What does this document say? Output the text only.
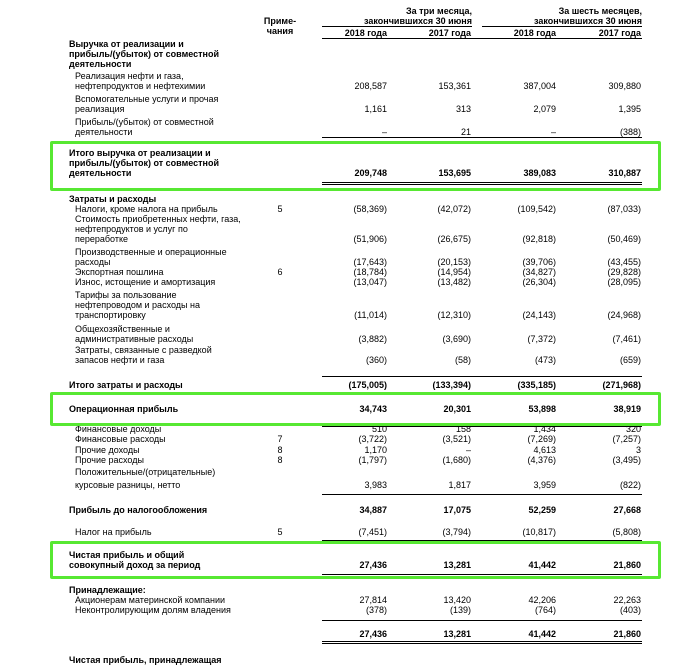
Приме-
чания
За три месяца,
закончившихся 30 июня
За шесть месяцев,
закончившихся 30 июня
2018 года	2017 года	2018 года	2017 года
Выручка от реализации и
прибыль/(убыток) от совместной
деятельности
Реализация нефти и газа,
нефтепродуктов и нефтехимии	208,587	153,361	387,004	309,880
Вспомогательные услуги и прочая
реализация	1,161	313	2,079	1,395
Прибыль/(убыток) от совместной
деятельности	–	21	–	(388)
Итого выручка от реализации и
прибыль/(убыток) от совместной
деятельности	209,748	153,695	389,083	310,887
Затраты и расходы
Налоги, кроме налога на прибыль	5	(58,369)	(42,072)	(109,542)	(87,033)
Стоимость приобретенных нефти, газа,
нефтепродуктов и услуг по
переработке	(51,906)	(26,675)	(92,818)	(50,469)
Производственные и операционные
расходы	(17,643)	(20,153)	(39,706)	(43,455)
Экспортная пошлина	6	(18,784)	(14,954)	(34,827)	(29,828)
Износ, истощение и амортизация	(13,047)	(13,482)	(26,304)	(28,095)
Тарифы за пользование
нефтепроводом и расходы на
транспортировку	(11,014)	(12,310)	(24,143)	(24,968)
Общехозяйственные и
административные расходы	(3,882)	(3,690)	(7,372)	(7,461)
Затраты, связанные с разведкой
запасов нефти и газа	(360)	(58)	(473)	(659)
Итого затраты и расходы	(175,005)	(133,394)	(335,185)	(271,968)
Операционная прибыль	34,743	20,301	53,898	38,919
Финансовые доходы	510	158	1,434	320
Финансовые расходы	7	(3,722)	(3,521)	(7,269)	(7,257)
Прочие доходы	8	1,170	–	4,613	3
Прочие расходы	8	(1,797)	(1,680)	(4,376)	(3,495)
Положительные/(отрицательные)
курсовые разницы, нетто	3,983	1,817	3,959	(822)
Прибыль до налогообложения	34,887	17,075	52,259	27,668
Налог на прибыль	5	(7,451)	(3,794)	(10,817)	(5,808)
Чистая прибыль и общий
совокупный доход за период	27,436	13,281	41,442	21,860
Принадлежащие:
Акционерам материнской компании	27,814	13,420	42,206	22,263
Неконтролирующим долям владения	(378)	(139)	(764)	(403)
27,436	13,281	41,442	21,860
Чистая прибыль, принадлежащая
